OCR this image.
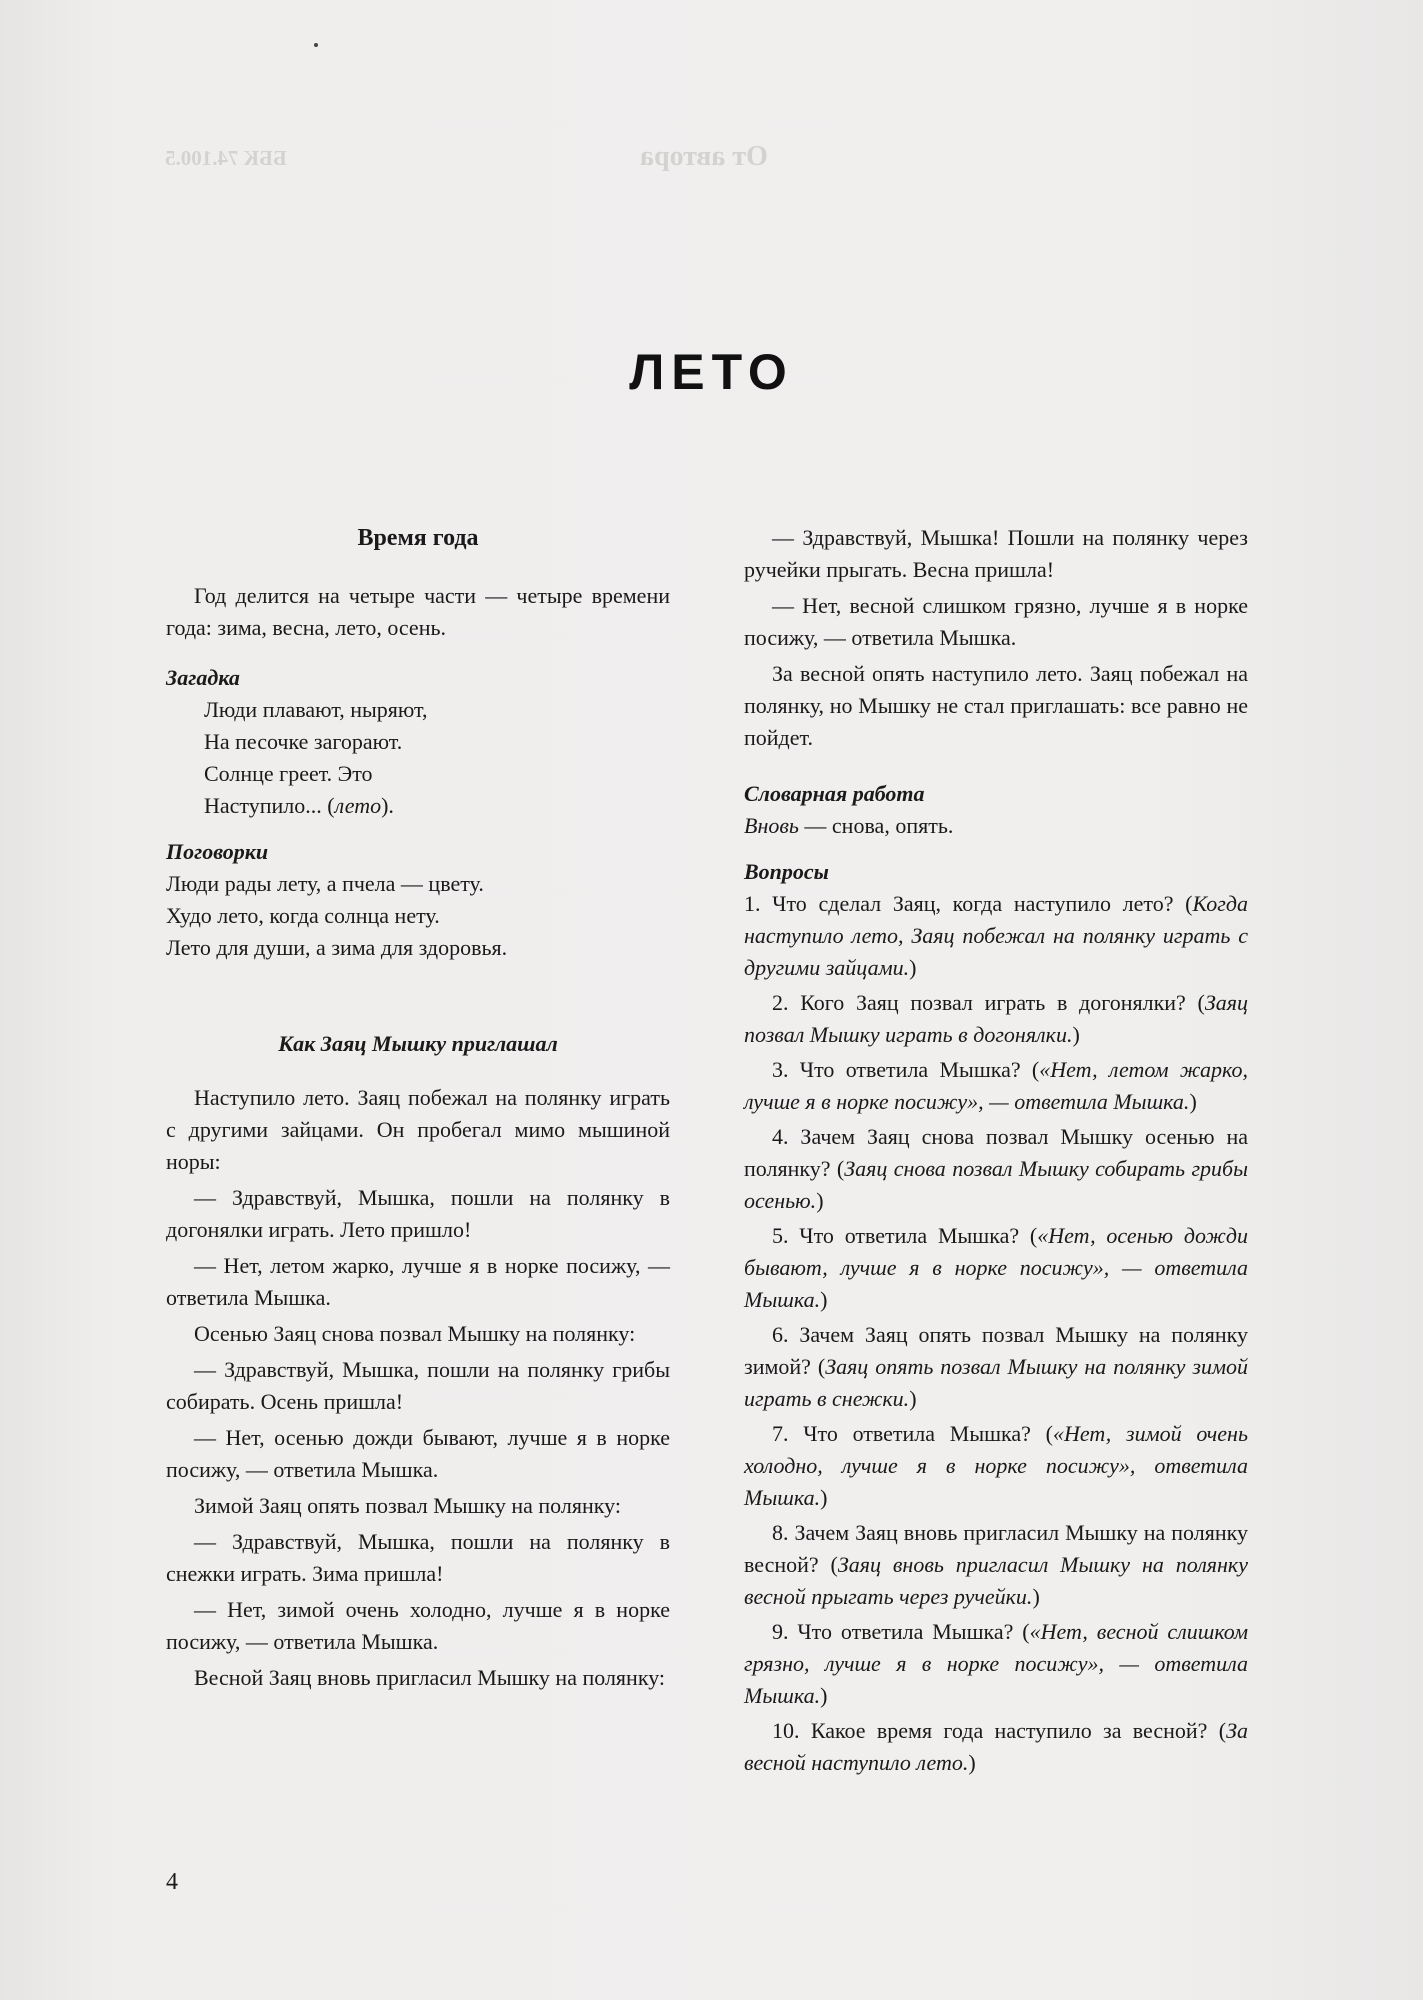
ББК 74.100.5	От автора
ЛЕТО
Время года

Год делится на четыре части — четыре времени года: зима, весна, лето, осень.

Загадка

Люди плавают, ныряют,

На песочке загорают.

Солнце греет. Это

Наступило... (лето).

Поговорки

Люди рады лету, а пчела — цвету.

Худо лето, когда солнца нету.

Лето для души, а зима для здоровья.

Как Заяц Мышку приглашал

Наступило лето. Заяц побежал на полянку играть с другими зайцами. Он пробегал мимо мышиной норы:

— Здравствуй, Мышка, пошли на полянку в догонялки играть. Лето пришло!

— Нет, летом жарко, лучше я в норке посижу, — ответила Мышка.

Осенью Заяц снова позвал Мышку на полянку:

— Здравствуй, Мышка, пошли на полянку грибы собирать. Осень пришла!

— Нет, осенью дожди бывают, лучше я в норке посижу, — ответила Мышка.

Зимой Заяц опять позвал Мышку на полянку:

— Здравствуй, Мышка, пошли на полянку в снежки играть. Зима пришла!

— Нет, зимой очень холодно, лучше я в норке посижу, — ответила Мышка.

Весной Заяц вновь пригласил Мышку на полянку:

— Здравствуй, Мышка! Пошли на полянку через ручейки прыгать. Весна пришла!

— Нет, весной слишком грязно, лучше я в норке посижу, — ответила Мышка.

За весной опять наступило лето. Заяц побежал на полянку, но Мышку не стал приглашать: все равно не пойдет.

Словарная работа

Вновь — снова, опять.

Вопросы

1. Что сделал Заяц, когда наступило лето? (Когда наступило лето, Заяц побежал на полянку играть с другими зайцами.)

2. Кого Заяц позвал играть в догонялки? (Заяц позвал Мышку играть в догонялки.)

3. Что ответила Мышка? («Нет, летом жарко, лучше я в норке посижу», — ответила Мышка.)

4. Зачем Заяц снова позвал Мышку осенью на полянку? (Заяц снова позвал Мышку собирать грибы осенью.)

5. Что ответила Мышка? («Нет, осенью дожди бывают, лучше я в норке посижу», — ответила Мышка.)

6. Зачем Заяц опять позвал Мышку на полянку зимой? (Заяц опять позвал Мышку на полянку зимой играть в снежки.)

7. Что ответила Мышка? («Нет, зимой очень холодно, лучше я в норке посижу», ответила Мышка.)

8. Зачем Заяц вновь пригласил Мышку на полянку весной? (Заяц вновь пригласил Мышку на полянку весной прыгать через ручейки.)

9. Что ответила Мышка? («Нет, весной слишком грязно, лучше я в норке посижу», — ответила Мышка.)

10. Какое время года наступило за весной? (За весной наступило лето.)

4
